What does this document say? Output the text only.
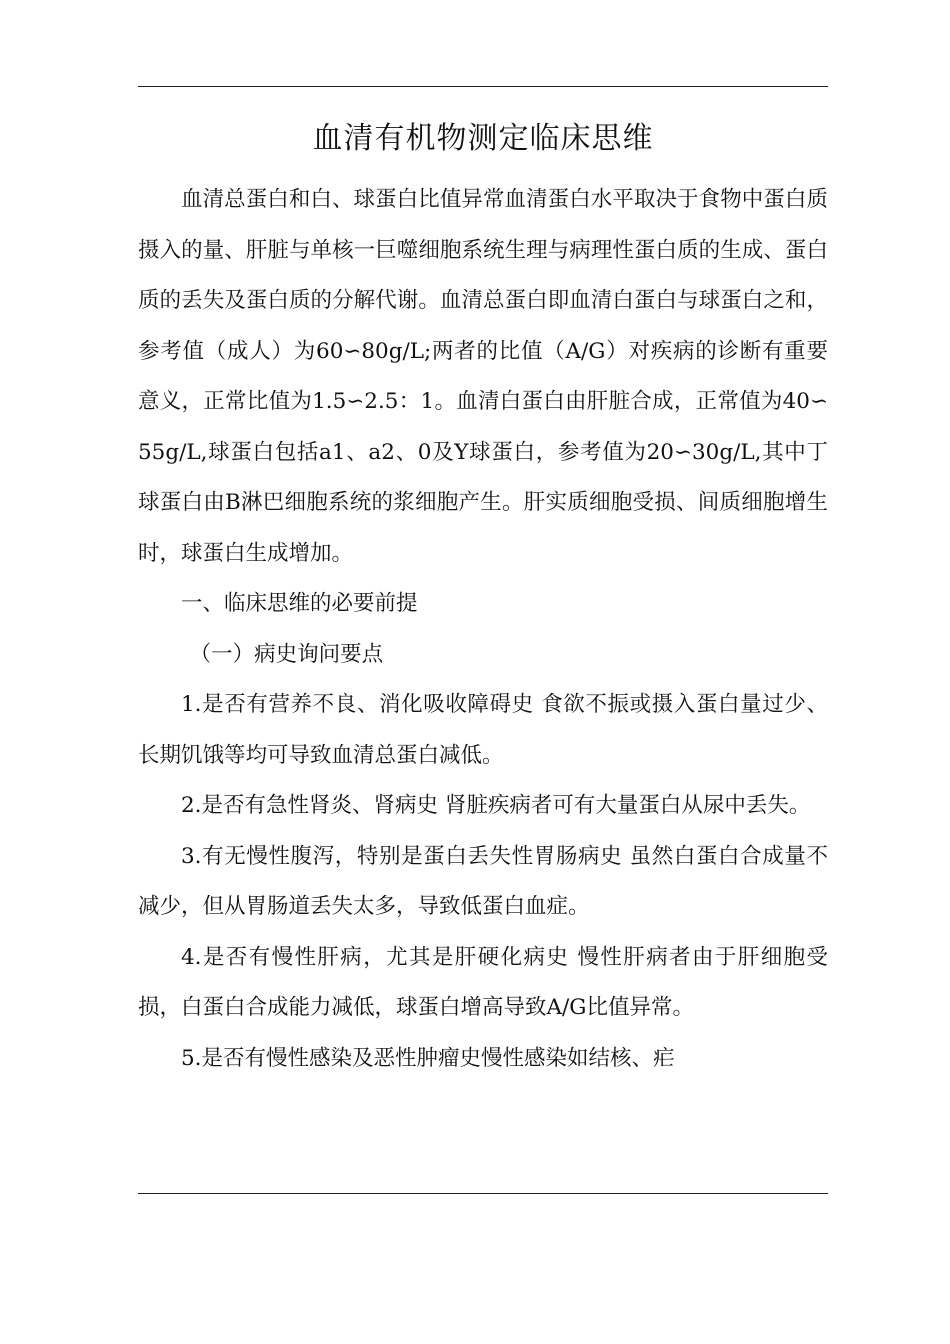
血清有机物测定临床思维

血清总蛋白和白、球蛋白比值异常血清蛋白水平取决于食物中蛋白质摄入的量、肝脏与单核一巨噬细胞系统生理与病理性蛋白质的生成、蛋白质的丢失及蛋白质的分解代谢。血清总蛋白即血清白蛋白与球蛋白之和，参考值（成人）为60∽80g/L;两者的比值（A/G）对疾病的诊断有重要意义，正常比值为1.5∽2.5：1。血清白蛋白由肝脏合成，正常值为40∽55g/L,球蛋白包括a1、a2、0及Y球蛋白，参考值为20∽30g/L,其中丁球蛋白由B淋巴细胞系统的浆细胞产生。肝实质细胞受损、间质细胞增生时，球蛋白生成增加。

一、临床思维的必要前提

（一）病史询问要点

1.是否有营养不良、消化吸收障碍史 食欲不振或摄入蛋白量过少、长期饥饿等均可导致血清总蛋白减低。

2.是否有急性肾炎、肾病史 肾脏疾病者可有大量蛋白从尿中丢失。

3.有无慢性腹泻，特别是蛋白丢失性胃肠病史 虽然白蛋白合成量不减少，但从胃肠道丢失太多，导致低蛋白血症。

4.是否有慢性肝病，尤其是肝硬化病史 慢性肝病者由于肝细胞受损，白蛋白合成能力减低，球蛋白增高导致A/G比值异常。

5.是否有慢性感染及恶性肿瘤史慢性感染如结核、疟
